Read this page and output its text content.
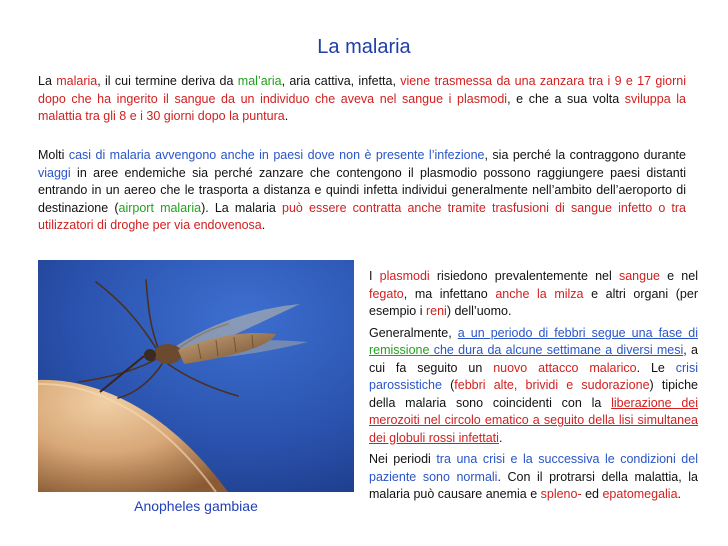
La malaria

La malaria, il cui termine deriva da mal’aria, aria cattiva, infetta, viene trasmessa da una zanzara tra i 9 e 17 giorni dopo che ha ingerito il sangue da un individuo che aveva nel sangue i plasmodi, e che a sua volta sviluppa la malattia tra gli 8 e i 30 giorni dopo la puntura.

Molti casi di malaria avvengono anche in paesi dove non è presente l’infezione, sia perché la contraggono durante viaggi in aree endemiche sia perché zanzare che contengono il plasmodio possono raggiungere paesi distanti entrando in un aereo che le trasporta a distanza e quindi infetta individui generalmente nell’ambito dell’aeroporto di destinazione (airport malaria). La malaria può essere contratta anche tramite trasfusioni di sangue infetto o tra utilizzatori di droghe per via endovenosa.

Anopheles gambiae

I plasmodi risiedono prevalentemente nel sangue e nel fegato, ma infettano anche la milza e altri organi (per esempio i reni) dell’uomo.

Generalmente, a un periodo di febbri segue una fase di remissione che dura da alcune settimane a diversi mesi, a cui fa seguito un nuovo attacco malarico. Le crisi parossistiche (febbri alte, brividi e sudorazione) tipiche della malaria sono coincidenti con la liberazione dei merozoiti nel circolo ematico a seguito della lisi simultanea dei globuli rossi infettati.

Nei periodi tra una crisi e la successiva le condizioni del paziente sono normali. Con il protrarsi della malattia, la malaria può causare anemia e spleno- ed epatomegalia.
